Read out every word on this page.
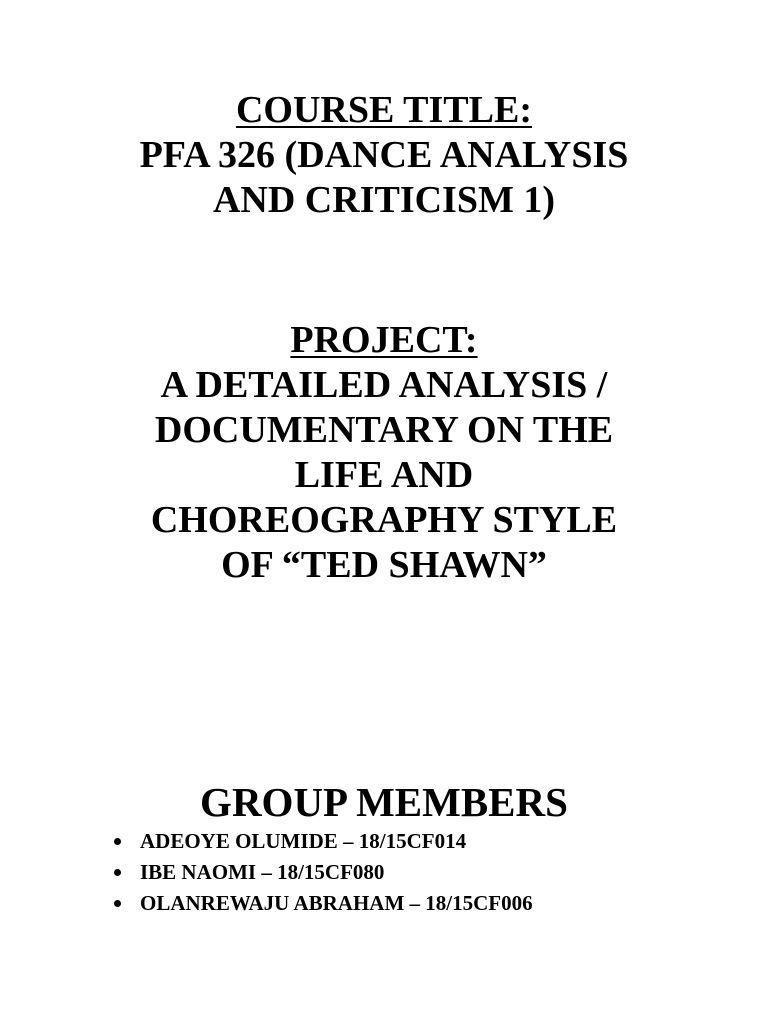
COURSE TITLE:
PFA 326 (DANCE ANALYSIS
AND CRITICISM 1)
PROJECT:
A DETAILED ANALYSIS /
DOCUMENTARY ON THE
LIFE AND
CHOREOGRAPHY STYLE
OF “TED SHAWN”
GROUP MEMBERS
ADEOYE OLUMIDE – 18/15CF014
IBE NAOMI – 18/15CF080
OLANREWAJU ABRAHAM – 18/15CF006
